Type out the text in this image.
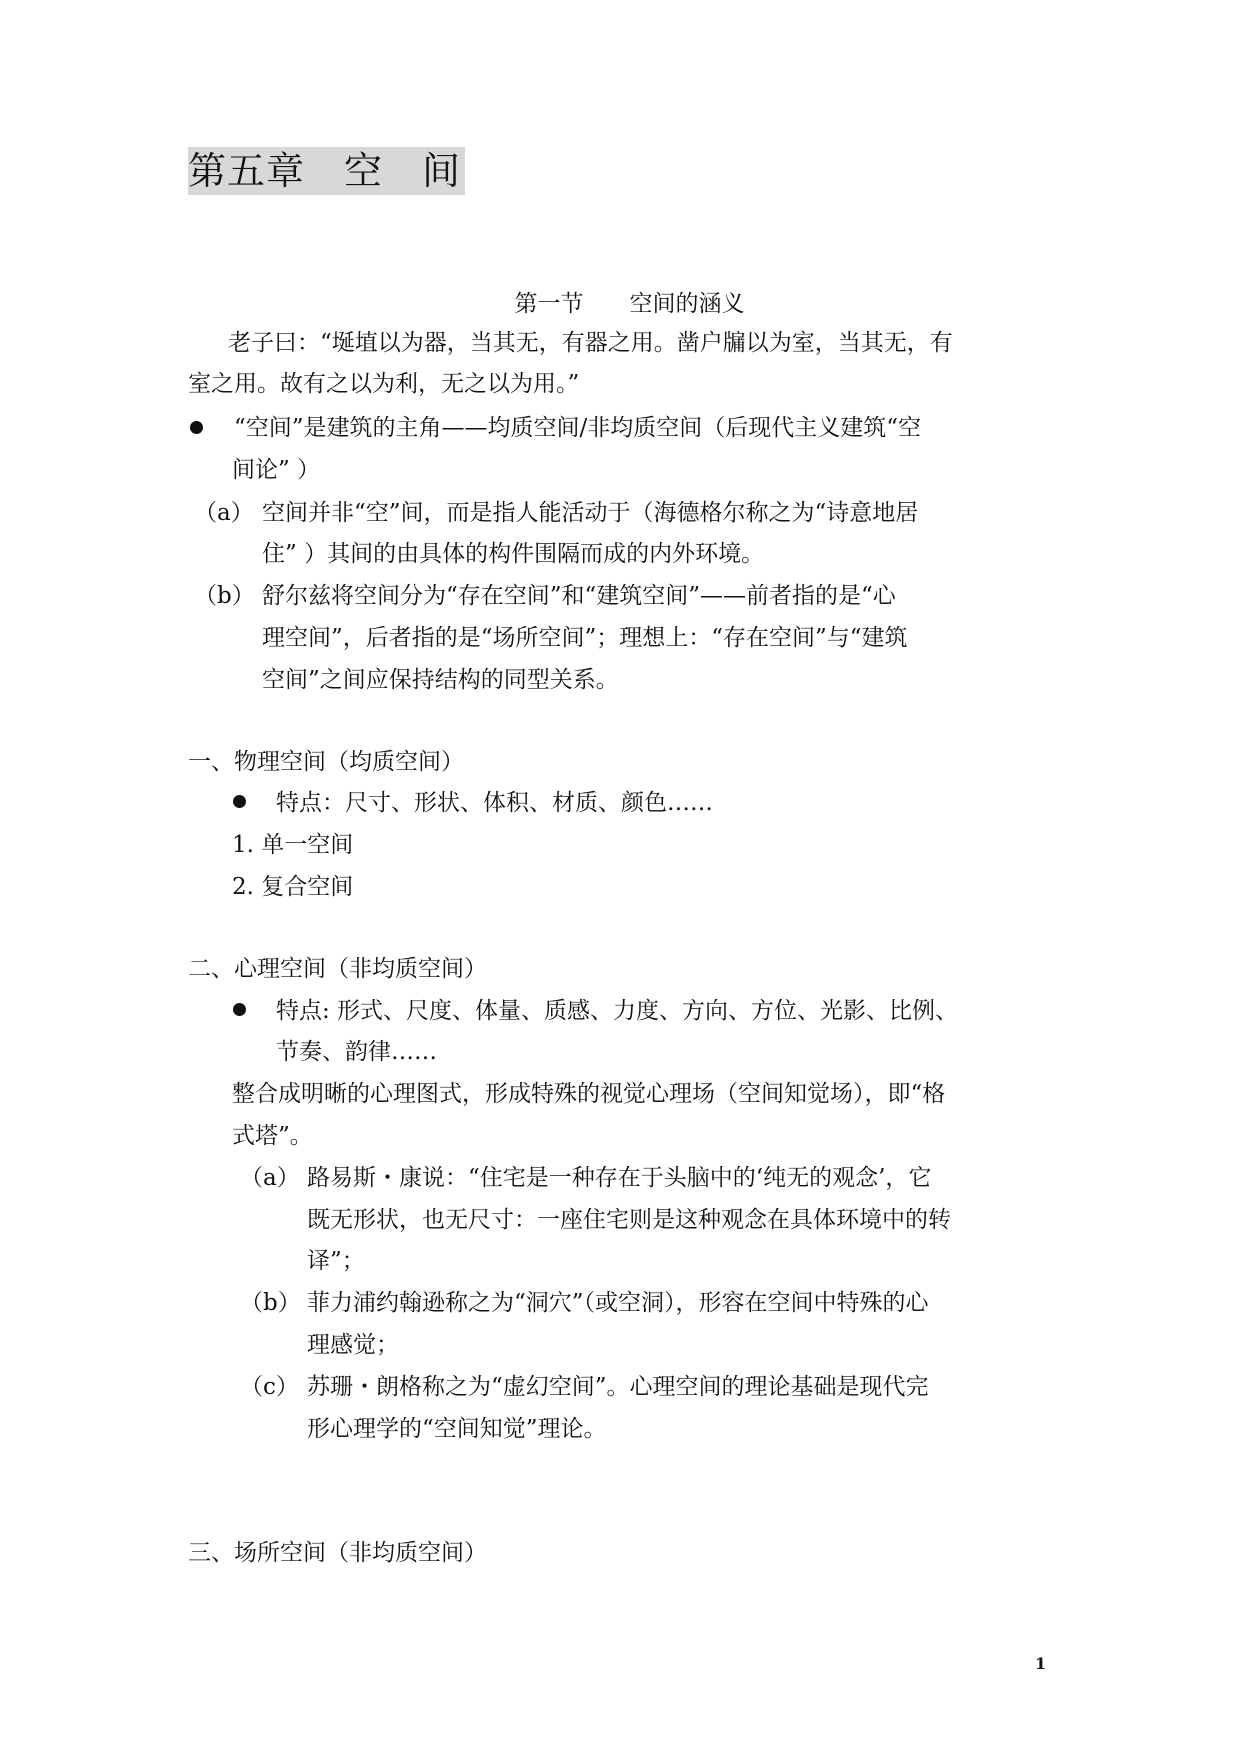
第五章　空　间
第一节　　空间的涵义
老子曰：“埏埴以为器，当其无，有器之用。凿户牖以为室，当其无，有
室之用。故有之以为利，无之以为用。”
“空间”是建筑的主角——均质空间/非均质空间（后现代主义建筑“空
间论” ）
（a） 空间并非“空”间，而是指人能活动于（海德格尔称之为“诗意地居
住” ）其间的由具体的构件围隔而成的内外环境。
（b） 舒尔兹将空间分为“存在空间”和“建筑空间”——前者指的是“心
理空间”，后者指的是“场所空间”；理想上：“存在空间”与“建筑
空间”之间应保持结构的同型关系。
一、物理空间（均质空间）
特点：尺寸、形状、体积、材质、颜色……
1. 单一空间
2. 复合空间
二、心理空间（非均质空间）
特点: 形式、尺度、体量、质感、力度、方向、方位、光影、比例、
节奏、韵律……
整合成明晰的心理图式，形成特殊的视觉心理场（空间知觉场），即“格
式塔”。
（a） 路易斯・康说：“住宅是一种存在于头脑中的‘纯无的观念’，它
既无形状，也无尺寸：一座住宅则是这种观念在具体环境中的转
译”；
（b） 菲力浦约翰逊称之为“洞穴”（或空洞），形容在空间中特殊的心
理感觉；
（c） 苏珊・朗格称之为“虚幻空间”。心理空间的理论基础是现代完
形心理学的“空间知觉”理论。
三、场所空间（非均质空间）
1
